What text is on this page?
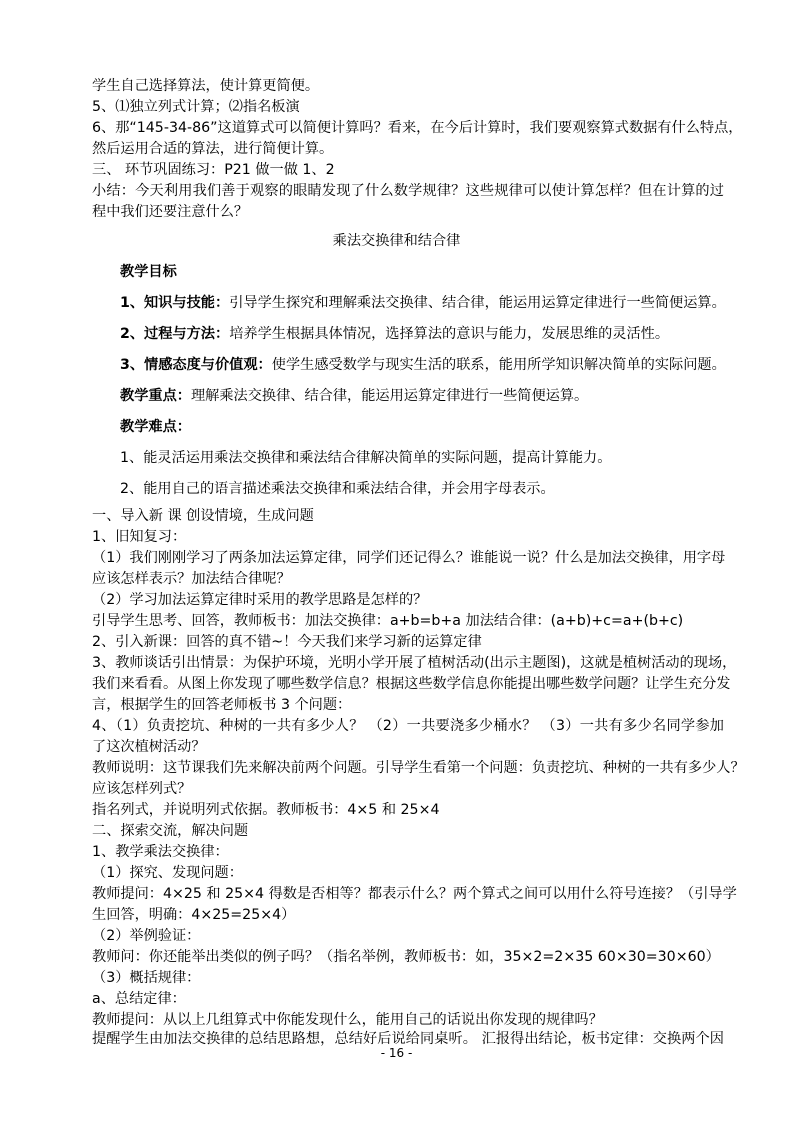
学生自己选择算法，使计算更简便。
5、⑴独立列式计算；⑵指名板演
6、那“145-34-86”这道算式可以简便计算吗？看来，在今后计算时，我们要观察算式数据有什么特点，
然后运用合适的算法，进行简便计算。
三、 环节巩固练习：P21 做一做 1、2
小结：今天利用我们善于观察的眼睛发现了什么数学规律？这些规律可以使计算怎样？但在计算的过
程中我们还要注意什么？
乘法交换律和结合律
教学目标
1、知识与技能：引导学生探究和理解乘法交换律、结合律，能运用运算定律进行一些简便运算。
2、过程与方法：培养学生根据具体情况，选择算法的意识与能力，发展思维的灵活性。
3、情感态度与价值观：使学生感受数学与现实生活的联系，能用所学知识解决简单的实际问题。
教学重点：理解乘法交换律、结合律，能运用运算定律进行一些简便运算。
教学难点：
1、能灵活运用乘法交换律和乘法结合律解决简单的实际问题，提高计算能力。
2、能用自己的语言描述乘法交换律和乘法结合律，并会用字母表示。
一、导入新 课 创设情境，生成问题
1、旧知复习：
（1）我们刚刚学习了两条加法运算定律，同学们还记得么？谁能说一说？什么是加法交换律，用字母
应该怎样表示？加法结合律呢？
（2）学习加法运算定律时采用的教学思路是怎样的？
引导学生思考、回答，教师板书：加法交换律：a+b=b+a 加法结合律：(a+b)+c=a+(b+c)
2、引入新课：回答的真不错~！今天我们来学习新的运算定律
3、教师谈话引出情景：为保护环境，光明小学开展了植树活动(出示主题图)，这就是植树活动的现场，
我们来看看。从图上你发现了哪些数学信息？根据这些数学信息你能提出哪些数学问题？让学生充分发
言，根据学生的回答老师板书 3 个问题：
4、（1）负责挖坑、种树的一共有多少人？ （2）一共要浇多少桶水？ （3）一共有多少名同学参加
了这次植树活动？
教师说明：这节课我们先来解决前两个问题。引导学生看第一个问题：负责挖坑、种树的一共有多少人？
应该怎样列式？
指名列式，并说明列式依据。教师板书：4×5 和 25×4
二、探索交流，解决问题
1、教学乘法交换律：
（1）探究、发现问题：
教师提问：4×25 和 25×4 得数是否相等？都表示什么？两个算式之间可以用什么符号连接？（引导学
生回答，明确：4×25=25×4）
（2）举例验证：
教师问：你还能举出类似的例子吗？（指名举例，教师板书：如，35×2=2×35 60×30=30×60）
（3）概括规律：
a、总结定律：
教师提问：从以上几组算式中你能发现什么，能用自己的话说出你发现的规律吗？
提醒学生由加法交换律的总结思路想，总结好后说给同桌听。 汇报得出结论，板书定律：交换两个因
- 16 -
